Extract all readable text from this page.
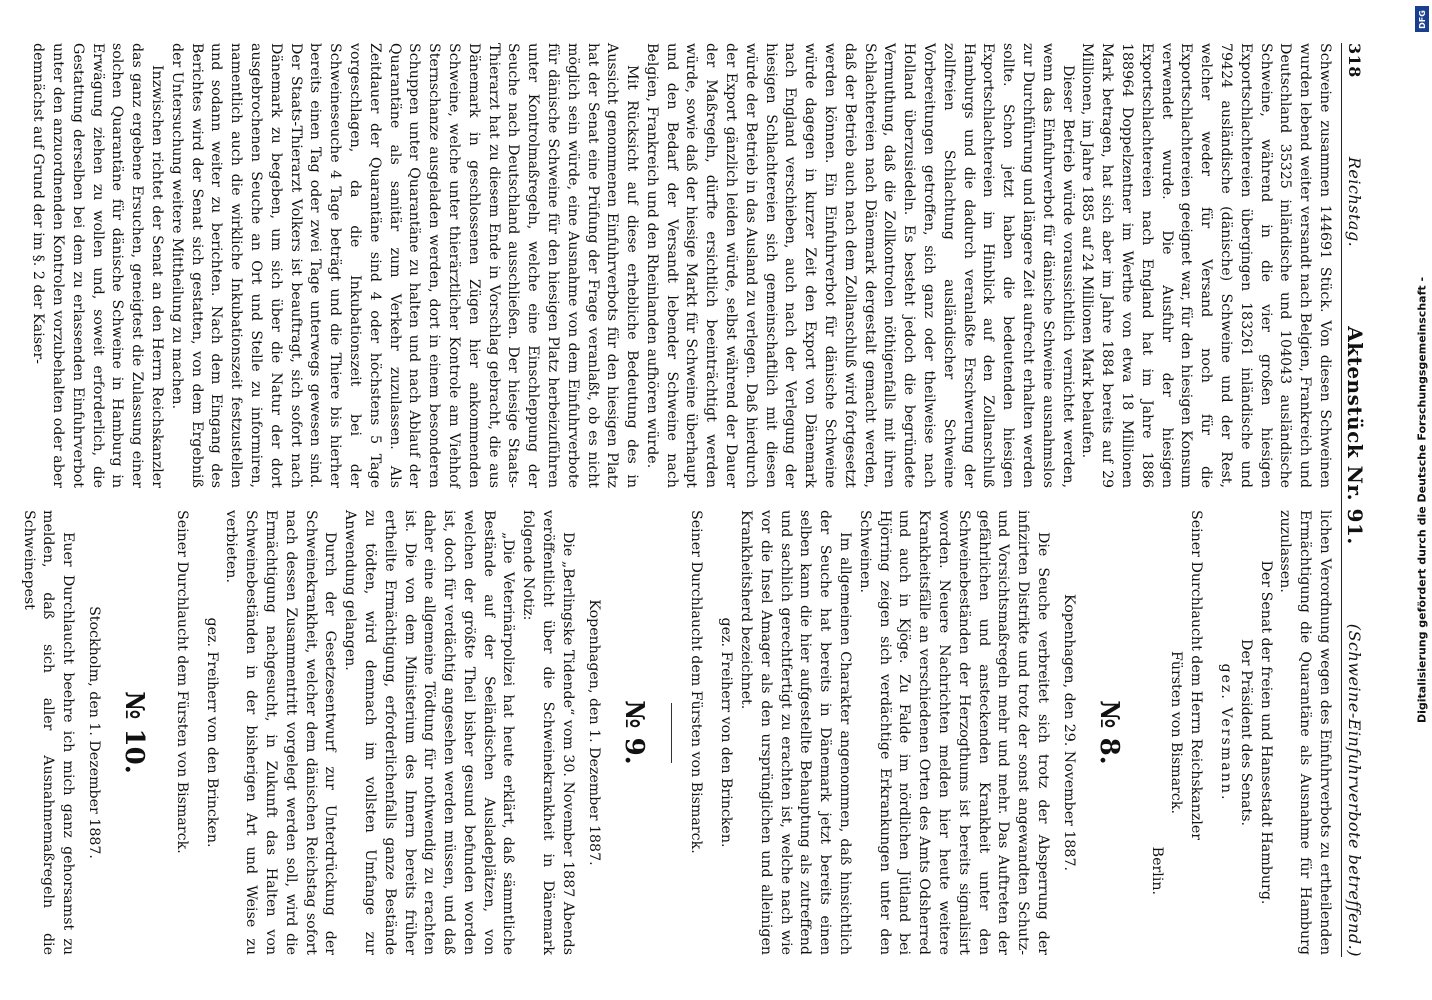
318
Reichstag.
Aktenstück Nr. 91.
(Schweine-Einfuhrverbote betreffend.)

Schweine zusammen 144691 Stück. Von diesen Schweinen wurden lebend weiter versandt nach Belgien, Frankreich und Deutschland 35325 inländische und 104043 ausländische Schweine, während in die vier großen hiesigen Exportschlachtereien übergingen 183261 inländische und 79424 ausländische (dänische) Schweine und der Rest, welcher weder für Versand noch für die Exportschlachtereien geeignet war, für den hiesigen Konsum verwendet wurde. Die Ausfuhr der hiesigen Exportschlachtereien nach England hat im Jahre 1886 188964 Doppelzentner im Werthe von etwa 18 Millionen Mark betragen, hat sich aber im Jahre 1884 bereits auf 29 Millionen, im Jahre 1885 auf 24 Millionen Mark belaufen.

Dieser Betrieb würde voraussichtlich vernichtet werden, wenn das Einfuhrverbot für dänische Schweine ausnahmslos zur Durchführung und längere Zeit aufrecht erhalten werden sollte. Schon jetzt haben die bedeutenden hiesigen Exportschlachtereien im Hinblick auf den Zollanschluß Hamburgs und die dadurch veranlaßte Erschwerung der zollfreien Schlachtung ausländischer Schweine Vorbereitungen getroffen, sich ganz oder theilweise nach Holland überzusiedeln. Es besteht jedoch die begründete Vermuthung, daß die Zollkontrolen nöthigenfalls mit ihren Schlachtereien nach Dänemark dergestalt gemacht werden, daß der Betrieb auch nach dem Zollanschluß wird fortgesetzt werden können. Ein Einfuhrverbot für dänische Schweine würde dagegen in kurzer Zeit den Export von Dänemark nach England verschieben, auch nach der Verlegung der hiesigen Schlachtereien sich gemeinschaftlich mit diesen würde der Betrieb in das Ausland zu verlegen. Daß hierdurch der Export gänzlich leiden würde, selbst während der Dauer der Maßregeln, dürfte ersichtlich beeinträchtigt werden würde, sowie daß der hiesige Markt für Schweine überhaupt und den Bedarf der Versandt lebender Schweine nach Belgien, Frankreich und den Rheinlanden aufhören würde.

Mit Rücksicht auf diese erhebliche Bedeutung des in Aussicht genommenen Einfuhrverbots für den hiesigen Platz hat der Senat eine Prüfung der Frage veranlaßt, ob es nicht möglich sein würde, eine Ausnahme von dem Einfuhrverbote für dänische Schweine für den hiesigen Platz herbeizuführen unter Kontrolmaßregeln, welche eine Einschleppung der Seuche nach Deutschland ausschließen. Der hiesige Staats-Thierarzt hat zu diesem Ende in Vorschlag gebracht, die aus Dänemark in geschlossenen Zügen hier ankommenden Schweine, welche unter thierärztlicher Kontrole am Viehhof Sternschanze ausgeladen werden, dort in einem besonderen Schuppen unter Quarantäne zu halten und nach Ablauf der Quarantäne als sanitär zum Verkehr zuzulassen. Als Zeitdauer der Quarantäne sind 4 oder höchstens 5 Tage vorgeschlagen, da die Inkubationszeit bei der Schweineseuche 4 Tage beträgt und die Thiere bis hierher bereits einen Tag oder zwei Tage unterwegs gewesen sind. Der Staats-Thierarzt Volkers ist beauftragt, sich sofort nach Dänemark zu begeben, um sich über die Natur der dort ausgebrochenen Seuche an Ort und Stelle zu informiren, namentlich auch die wirkliche Inkubationszeit festzustellen und sodann weiter zu berichten. Nach dem Eingang des Berichtes wird der Senat sich gestatten, von dem Ergebniß der Untersuchung weitere Mittheilung zu machen.

Inzwischen richtet der Senat an den Herrn Reichskanzler das ganz ergebene Ersuchen, geneigtest die Zulassung einer solchen Quarantäne für dänische Schweine in Hamburg in Erwägung ziehen zu wollen und, soweit erforderlich, die Gestattung derselben bei dem zu erlassenden Einfuhrverbot unter den anzuordnenden Kontrolen vorzubehalten oder aber demnächst auf Grund der im §. 2 der Kaiser-

lichen Verordnung wegen des Einfuhrverbots zu ertheilenden Ermächtigung die Quarantäne als Ausnahme für Hamburg zuzulassen.

Der Senat der freien und Hansestadt Hamburg.

Der Präsident des Senats.

gez. Versmann.

Seiner Durchlaucht dem Herrn Reichskanzler

Fürsten von Bismarck.

Berlin.

№ 8.
Kopenhagen, den 29. November 1887.

Die Seuche verbreitet sich trotz der Absperrung der infizirten Distrikte und trotz der sonst angewandten Schutz- und Vorsichtsmaßregeln mehr und mehr. Das Auftreten der gefährlichen und ansteckenden Krankheit unter den Schweinebeständen der Herzogthums ist bereits signalisirt worden. Neuere Nachrichten melden hier heute weitere Krankheitsfälle an verschiedenen Orten des Amts Odsherred und auch in Kjöge. Zu Falde im nördlichen Jütland bei Hjörring zeigen sich verdächtige Erkrankungen unter den Schweinen.

Im allgemeinen Charakter angenommen, daß hinsichtlich der Seuche hat bereits in Dänemark jetzt bereits einen selben kann die hier aufgestellte Behauptung als zutreffend und sachlich gerechtfertigt zu erachten ist, welche nach wie vor die Insel Amager als den ursprünglichen und alleinigen Krankheitsherd bezeichnet.

gez. Freiherr von den Brincken.

Seiner Durchlaucht dem Fürsten von Bismarck.

№ 9.
Kopenhagen, den 1. Dezember 1887.

Die „Berlingske Tidende“ vom 30. November 1887 Abends veröffentlicht über die Schweinekrankheit in Dänemark folgende Notiz:

„Die Veterinärpolizei hat heute erklärt, daß sämmtliche Bestände auf der Seeländischen Ausladeplätzen, von welchen der größte Theil bisher gesund befunden worden ist, doch für verdächtig angesehen werden müssen, und daß daher eine allgemeine Tödtung für nothwendig zu erachten ist. Die von dem Ministerium des Innern bereits früher ertheilte Ermächtigung, erforderlichenfalls ganze Bestände zu tödten, wird demnach im vollsten Umfange zur Anwendung gelangen.

Durch der Gesetzesentwurf zur Unterdrückung der Schweinekrankheit, welcher dem dänischen Reichstag sofort nach dessen Zusammentritt vorgelegt werden soll, wird die Ermächtigung nachgesucht, in Zukunft das Halten von Schweinebeständen in der bisherigen Art und Weise zu verbieten.

gez. Freiherr von den Brincken.

Seiner Durchlaucht dem Fürsten von Bismarck.

№ 10.
Stockholm, den 1. Dezember 1887.

Euer Durchlaucht beehre ich mich ganz gehorsamst zu melden, daß sich aller Ausnahmemaßregeln die Schweinepest

DFG
Digitalisierung gefördert durch die Deutsche Forschungsgemeinschaft -
